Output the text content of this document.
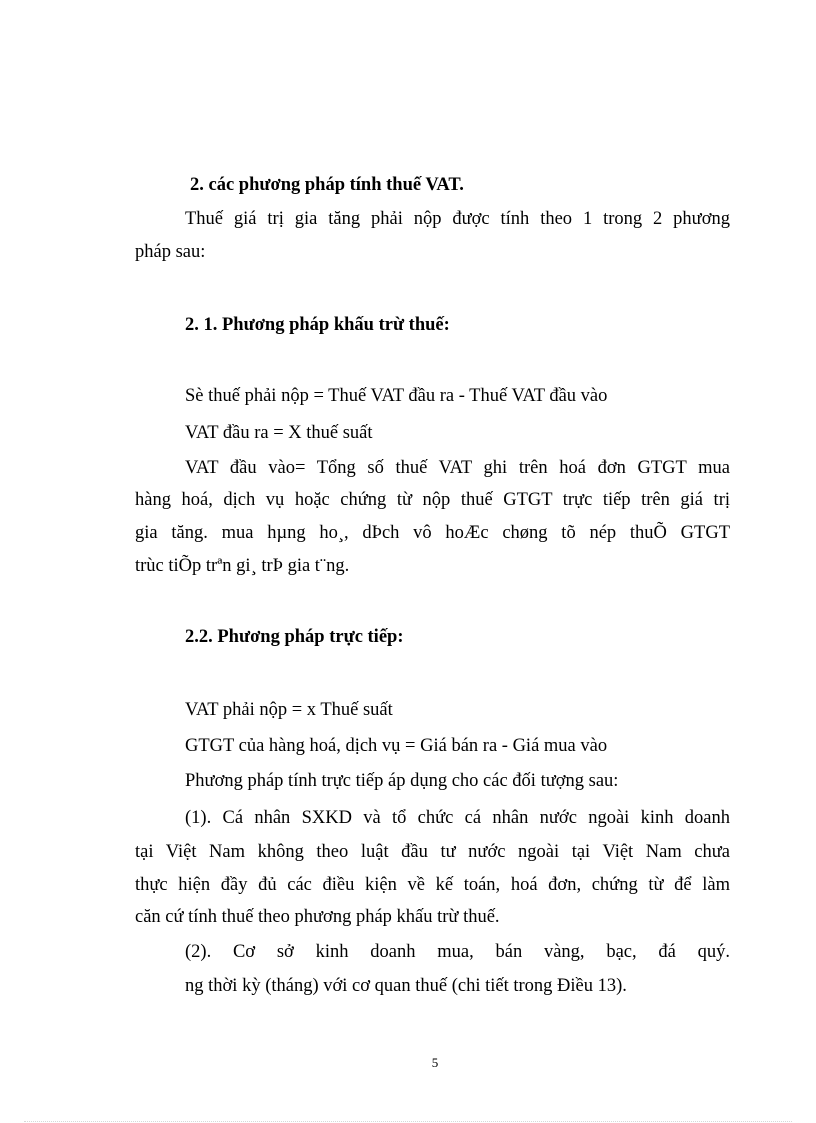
2. các phương pháp tính thuế VAT.
Thuế giá trị gia tăng phải nộp được tính theo 1 trong 2 phương
pháp sau:
2. 1. Phương pháp khấu trừ thuế:
Sè thuế phải nộp = Thuế VAT đầu ra - Thuế VAT đầu vào
VAT đầu ra = X thuế suất
VAT đầu vào= Tổng số thuế VAT ghi trên hoá đơn GTGT mua
hàng hoá, dịch vụ hoặc chứng từ nộp thuế GTGT trực tiếp trên giá trị
gia tăng. mua hµng ho¸, dÞch vô hoÆc chøng tõ nép thuÕ GTGT
trùc tiÕp trªn gi¸ trÞ gia t¨ng.
2.2. Phương pháp trực tiếp:
VAT phải nộp = x Thuế suất
GTGT của hàng hoá, dịch vụ = Giá bán ra - Giá mua vào
Phương pháp tính trực tiếp áp dụng cho các đối tượng sau:
(1). Cá nhân SXKD và tổ chức cá nhân nước ngoài kinh doanh
tại Việt Nam không theo luật đầu tư nước ngoài tại Việt Nam chưa
thực hiện đầy đủ các điều kiện về kế toán, hoá đơn, chứng từ để làm
căn cứ tính thuế theo phương pháp khấu trừ thuế.
(2). Cơ sở kinh doanh mua, bán vàng, bạc, đá quý.
ng thời kỳ (tháng) với cơ quan thuế (chi tiết trong Điều 13).
5
